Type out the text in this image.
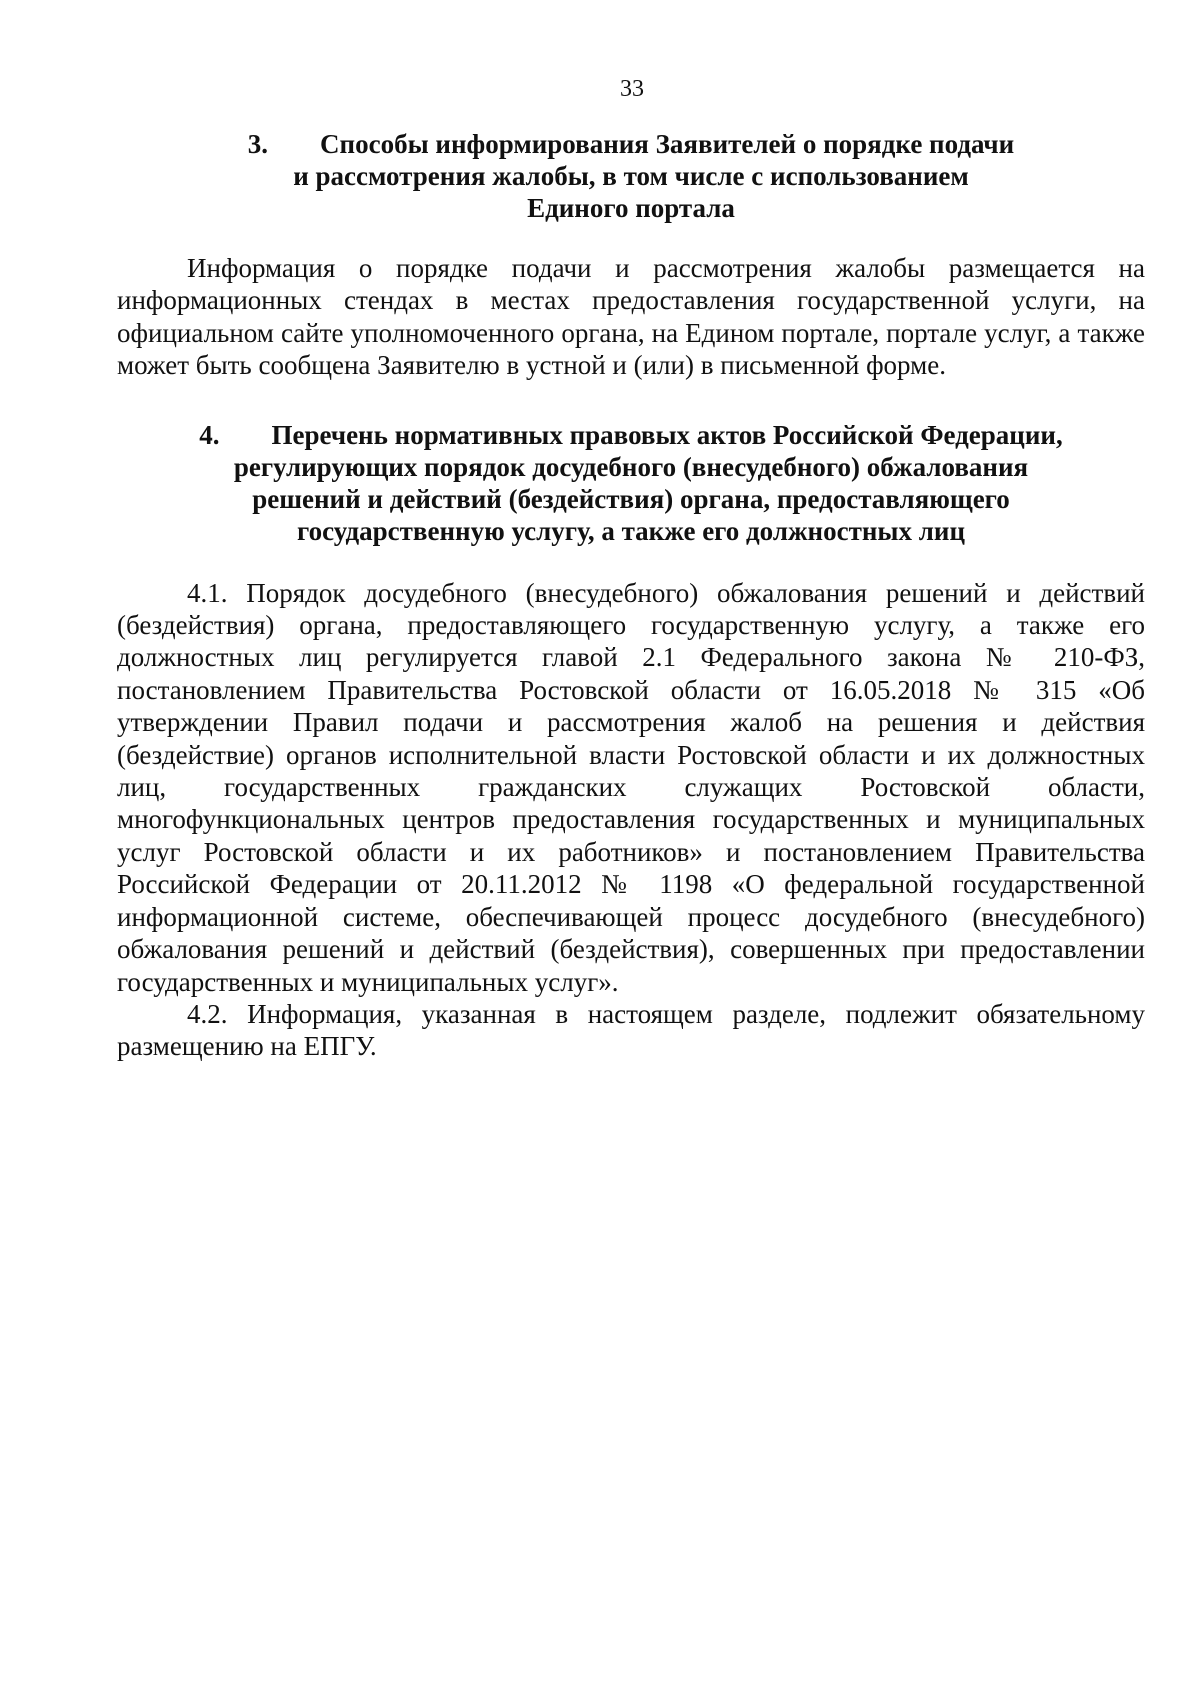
33
3. Способы информирования Заявителей о порядке подачи
и рассмотрения жалобы, в том числе с использованием
Единого портала

Информация о порядке подачи и рассмотрения жалобы размещается на информационных стендах в местах предоставления государственной услуги, на официальном сайте уполномоченного органа, на Едином портале, портале услуг, а также может быть сообщена Заявителю в устной и (или) в письменной форме.

4. Перечень нормативных правовых актов Российской Федерации,
регулирующих порядок досудебного (внесудебного) обжалования
решений и действий (бездействия) органа, предоставляющего
государственную услугу, а также его должностных лиц

4.1. Порядок досудебного (внесудебного) обжалования решений и действий (бездействия) органа, предоставляющего государственную услугу, а также его должностных лиц регулируется главой 2.1 Федерального закона № 210-ФЗ, постановлением Правительства Ростовской области от 16.05.2018 № 315 «Об утверждении Правил подачи и рассмотрения жалоб на решения и действия (бездействие) органов исполнительной власти Ростовской области и их должностных лиц, государственных гражданских служащих Ростовской области, многофункциональных центров предоставления государственных и муниципальных услуг Ростовской области и их работников» и постановлением Правительства Российской Федерации от 20.11.2012 № 1198 «О федеральной государственной информационной системе, обеспечивающей процесс досудебного (внесудебного) обжалования решений и действий (бездействия), совершенных при предоставлении государственных и муниципальных услуг».

4.2. Информация, указанная в настоящем разделе, подлежит обязательному размещению на ЕПГУ.
